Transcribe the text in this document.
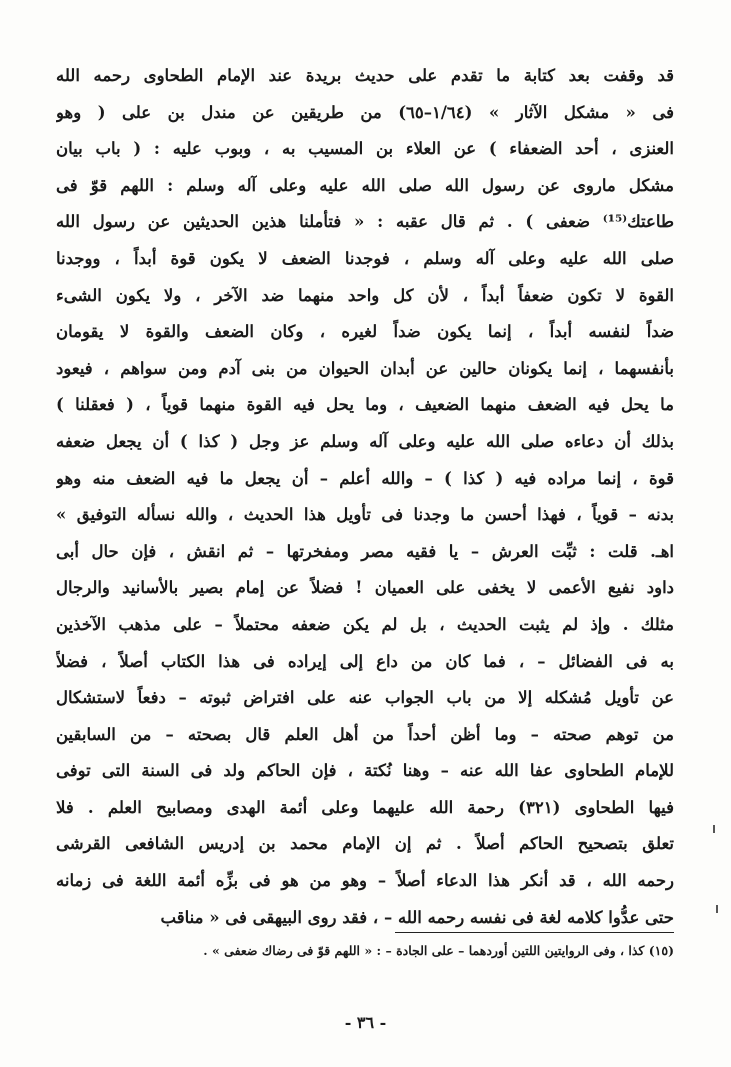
قد وقفت بعد كتابة ما تقدم على حديث بريدة عند الإمام الطحاوى رحمه الله
فى « مشكل الآثار » (١/٦٤–٦٥) من طريقين عن مندل بن على ( وهو
العنزى ، أحد الضعفاء ) عن العلاء بن المسيب به ، وبوب عليه : ( باب بيان
مشكل ماروى عن رسول الله صلى الله عليه وعلى آله وسلم : اللهم قوّ فى
طاعتك⁽¹⁵⁾ ضعفى ) . ثم قال عقبه : « فتأملنا هذين الحديثين عن رسول الله
صلى الله عليه وعلى آله وسلم ، فوجدنا الضعف لا يكون قوة أبداً ، ووجدنا
القوة لا تكون ضعفاً أبداً ، لأن كل واحد منهما ضد الآخر ، ولا يكون الشىء
ضداً لنفسه أبداً ، إنما يكون ضداً لغيره ، وكان الضعف والقوة لا يقومان
بأنفسهما ، إنما يكونان حالين عن أبدان الحيوان من بنى آدم ومن سواهم ، فيعود
ما يحل فيه الضعف منهما الضعيف ، وما يحل فيه القوة منهما قوياً ، ( فعقلنا )
بذلك أن دعاءه صلى الله عليه وعلى آله وسلم عز وجل ( كذا ) أن يجعل ضعفه
قوة ، إنما مراده فيه ( كذا ) – والله أعلم – أن يجعل ما فيه الضعف منه وهو
بدنه – قوياً ، فهذا أحسن ما وجدنا فى تأويل هذا الحديث ، والله نسأله التوفيق »
اهـ. قلت : ثبِّت العرش – يا فقيه مصر ومفخرتها – ثم انقش ، فإن حال أبى
داود نفيع الأعمى لا يخفى على العميان ! فضلاً عن إمام بصير بالأسانيد والرجال
مثلك . وإذ لم يثبت الحديث ، بل لم يكن ضعفه محتملاً – على مذهب الآخذين
به فى الفضائل – ، فما كان من داع إلى إيراده فى هذا الكتاب أصلاً ، فضلاً
عن تأويل مُشكله إلا من باب الجواب عنه على افتراض ثبوته – دفعاً لاستشكال
من توهم صحته – وما أظن أحداً من أهل العلم قال بصحته – من السابقين
للإمام الطحاوى عفا الله عنه – وهنا نُكتة ، فإن الحاكم ولد فى السنة التى توفى
فيها الطحاوى (٣٢١) رحمة الله عليهما وعلى أئمة الهدى ومصابيح العلم . فلا
تعلق بتصحيح الحاكم أصلاً . ثم إن الإمام محمد بن إدريس الشافعى القرشى
رحمه الله ، قد أنكر هذا الدعاء أصلاً – وهو من هو فى بزِّه أئمة اللغة فى زمانه
حتى عدُّوا كلامه لغة فى نفسه رحمه الله – ، فقد روى البيهقى فى « مناقب
(١٥) كذا ، وفى الروايتين اللتين أوردهما – على الجادة – : « اللهم قوّ فى رضاك ضعفى » .
- ٣٦ -
